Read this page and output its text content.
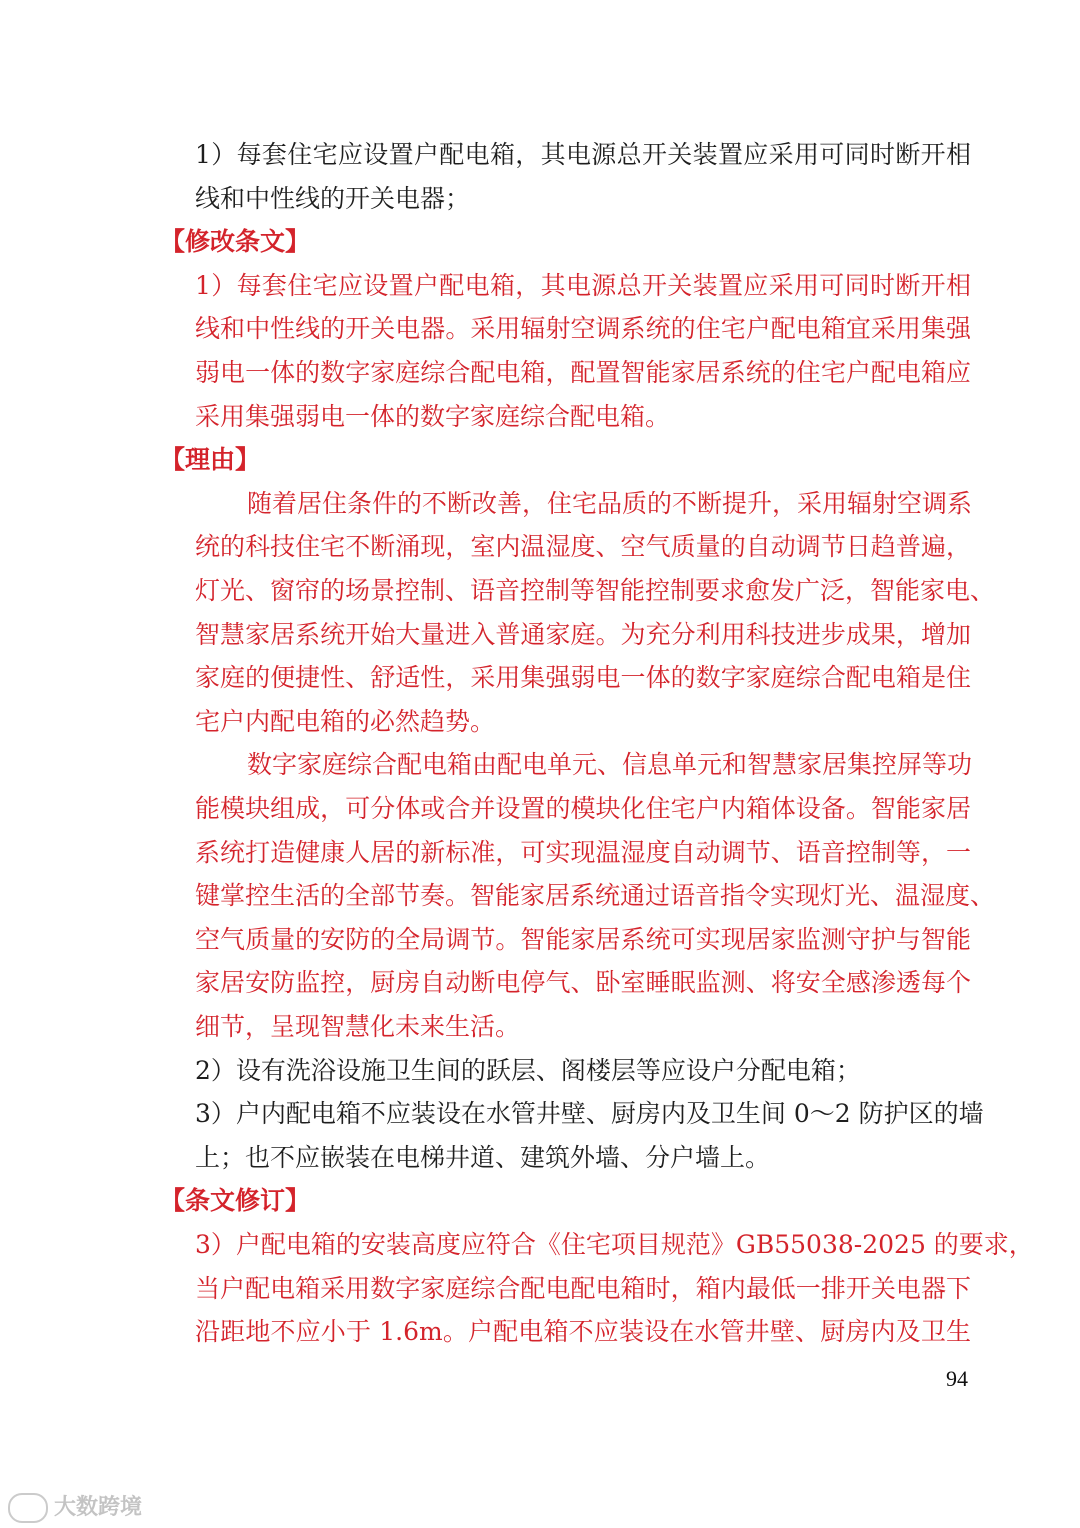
1）每套住宅应设置户配电箱，其电源总开关装置应采用可同时断开相
线和中性线的开关电器；
【修改条文】
1）每套住宅应设置户配电箱，其电源总开关装置应采用可同时断开相
线和中性线的开关电器。采用辐射空调系统的住宅户配电箱宜采用集强
弱电一体的数字家庭综合配电箱，配置智能家居系统的住宅户配电箱应
采用集强弱电一体的数字家庭综合配电箱。
【理由】
随着居住条件的不断改善，住宅品质的不断提升，采用辐射空调系
统的科技住宅不断涌现，室内温湿度、空气质量的自动调节日趋普遍，
灯光、窗帘的场景控制、语音控制等智能控制要求愈发广泛，智能家电、
智慧家居系统开始大量进入普通家庭。为充分利用科技进步成果，增加
家庭的便捷性、舒适性，采用集强弱电一体的数字家庭综合配电箱是住
宅户内配电箱的必然趋势。
数字家庭综合配电箱由配电单元、信息单元和智慧家居集控屏等功
能模块组成，可分体或合并设置的模块化住宅户内箱体设备。智能家居
系统打造健康人居的新标准，可实现温湿度自动调节、语音控制等，一
键掌控生活的全部节奏。智能家居系统通过语音指令实现灯光、温湿度、
空气质量的安防的全局调节。智能家居系统可实现居家监测守护与智能
家居安防监控，厨房自动断电停气、卧室睡眠监测、将安全感渗透每个
细节，呈现智慧化未来生活。
2）设有洗浴设施卫生间的跃层、阁楼层等应设户分配电箱；
3）户内配电箱不应装设在水管井壁、厨房内及卫生间 0～2 防护区的墙
上；也不应嵌装在电梯井道、建筑外墙、分户墙上。
【条文修订】
3）户配电箱的安装高度应符合《住宅项目规范》GB55038-2025 的要求，
当户配电箱采用数字家庭综合配电配电箱时，箱内最低一排开关电器下
沿距地不应小于 1.6m。户配电箱不应装设在水管井壁、厨房内及卫生
94
大数跨境
